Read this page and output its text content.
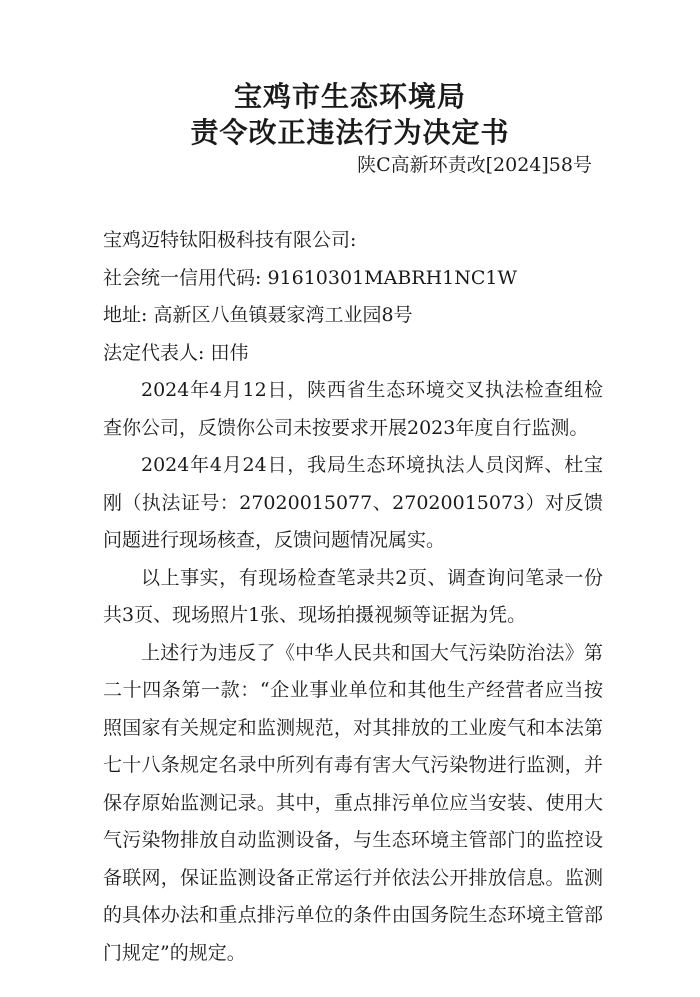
宝鸡市生态环境局
责令改正违法行为决定书
陕C高新环责改[2024]58号

宝鸡迈特钛阳极科技有限公司:

社会统一信用代码: 91610301MABRH1NC1W

地址: 高新区八鱼镇聂家湾工业园8号

法定代表人: 田伟

2024年4月12日，陕西省生态环境交叉执法检查组检查你公司，反馈你公司未按要求开展2023年度自行监测。

2024年4月24日，我局生态环境执法人员闵辉、杜宝刚（执法证号：27020015077、27020015073）对反馈问题进行现场核查，反馈问题情况属实。

以上事实，有现场检查笔录共2页、调查询问笔录一份共3页、现场照片1张、现场拍摄视频等证据为凭。

上述行为违反了《中华人民共和国大气污染防治法》第二十四条第一款：“企业事业单位和其他生产经营者应当按照国家有关规定和监测规范，对其排放的工业废气和本法第七十八条规定名录中所列有毒有害大气污染物进行监测，并保存原始监测记录。其中，重点排污单位应当安装、使用大气污染物排放自动监测设备，与生态环境主管部门的监控设备联网，保证监测设备正常运行并依法公开排放信息。监测的具体办法和重点排污单位的条件由国务院生态环境主管部门规定”的规定。
